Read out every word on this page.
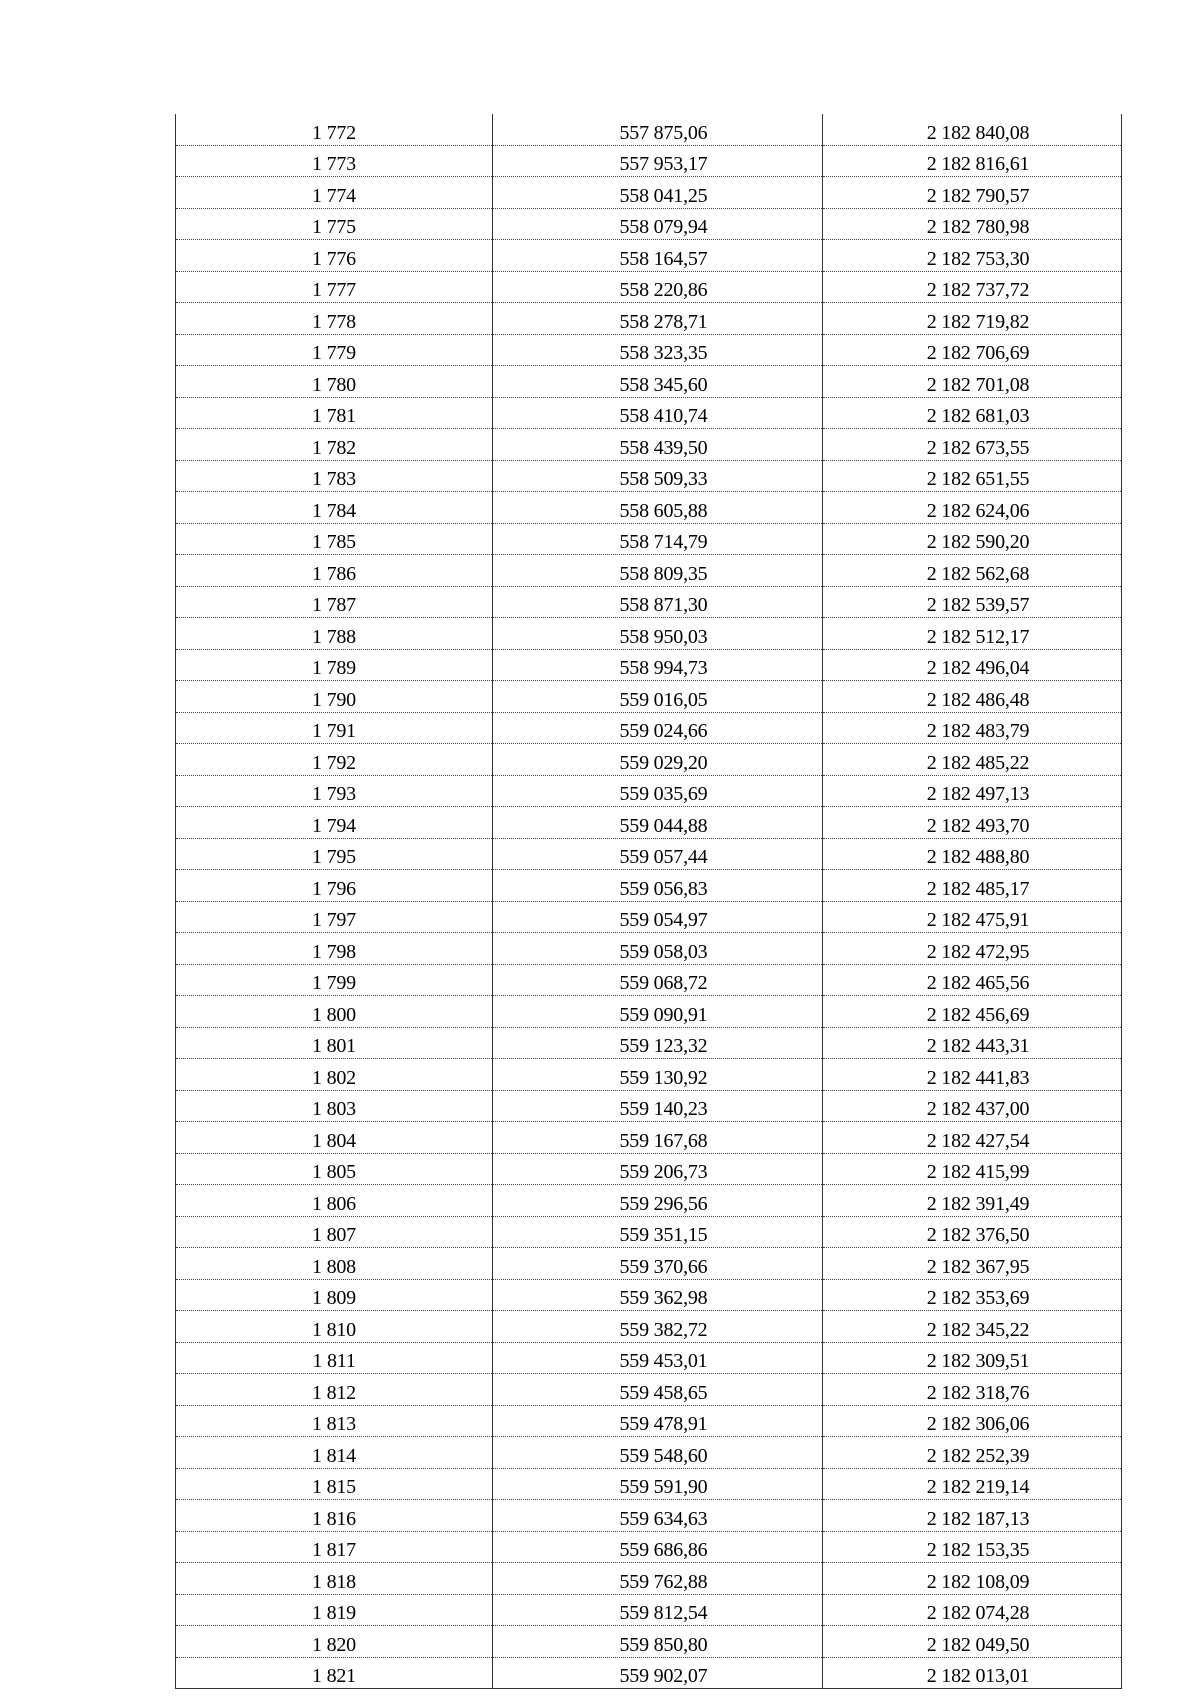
1 772	557 875,06	2 182 840,08
1 773	557 953,17	2 182 816,61
1 774	558 041,25	2 182 790,57
1 775	558 079,94	2 182 780,98
1 776	558 164,57	2 182 753,30
1 777	558 220,86	2 182 737,72
1 778	558 278,71	2 182 719,82
1 779	558 323,35	2 182 706,69
1 780	558 345,60	2 182 701,08
1 781	558 410,74	2 182 681,03
1 782	558 439,50	2 182 673,55
1 783	558 509,33	2 182 651,55
1 784	558 605,88	2 182 624,06
1 785	558 714,79	2 182 590,20
1 786	558 809,35	2 182 562,68
1 787	558 871,30	2 182 539,57
1 788	558 950,03	2 182 512,17
1 789	558 994,73	2 182 496,04
1 790	559 016,05	2 182 486,48
1 791	559 024,66	2 182 483,79
1 792	559 029,20	2 182 485,22
1 793	559 035,69	2 182 497,13
1 794	559 044,88	2 182 493,70
1 795	559 057,44	2 182 488,80
1 796	559 056,83	2 182 485,17
1 797	559 054,97	2 182 475,91
1 798	559 058,03	2 182 472,95
1 799	559 068,72	2 182 465,56
1 800	559 090,91	2 182 456,69
1 801	559 123,32	2 182 443,31
1 802	559 130,92	2 182 441,83
1 803	559 140,23	2 182 437,00
1 804	559 167,68	2 182 427,54
1 805	559 206,73	2 182 415,99
1 806	559 296,56	2 182 391,49
1 807	559 351,15	2 182 376,50
1 808	559 370,66	2 182 367,95
1 809	559 362,98	2 182 353,69
1 810	559 382,72	2 182 345,22
1 811	559 453,01	2 182 309,51
1 812	559 458,65	2 182 318,76
1 813	559 478,91	2 182 306,06
1 814	559 548,60	2 182 252,39
1 815	559 591,90	2 182 219,14
1 816	559 634,63	2 182 187,13
1 817	559 686,86	2 182 153,35
1 818	559 762,88	2 182 108,09
1 819	559 812,54	2 182 074,28
1 820	559 850,80	2 182 049,50
1 821	559 902,07	2 182 013,01
